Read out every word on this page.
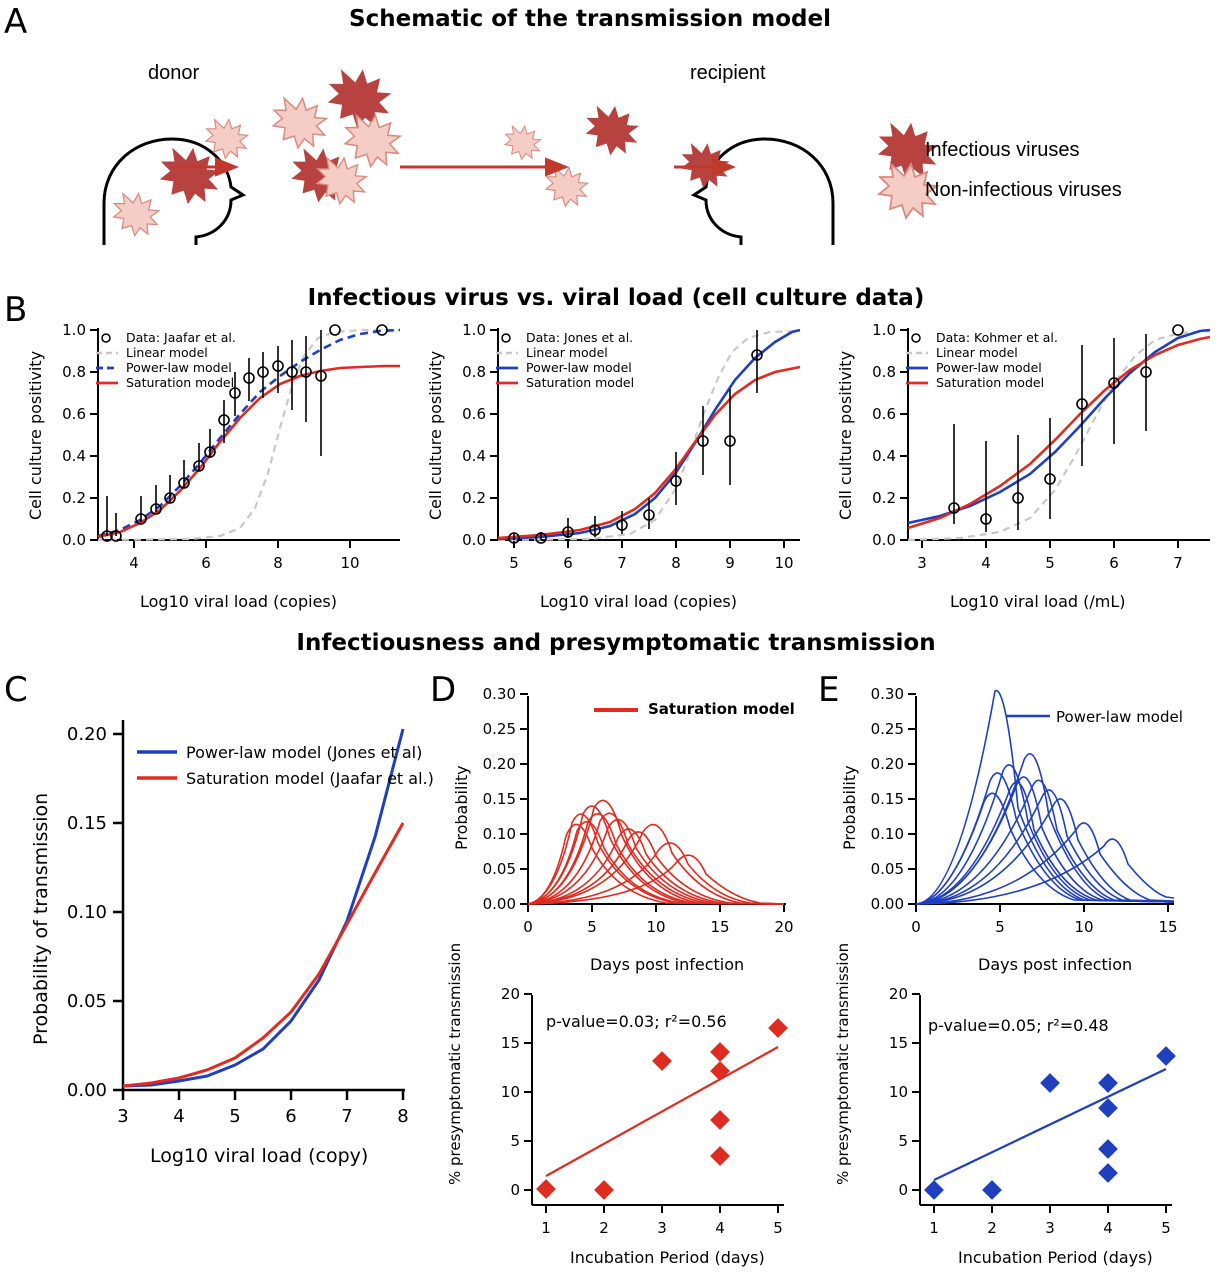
A	Schematic of the transmission model
donor	recipient
Infectious viruses
Non-infectious viruses
B	Infectious virus vs. viral load (cell culture data)
Cell culture positivity
Log10 viral load (copies)
0.0
0.2
0.4
0.6
0.8
1.0
4	6	8	10
Data: Jaafar et al.
Linear model
Power-law model
Saturation model	Cell culture positivity
Log10 viral load (copies)
0.0
0.2
0.4
0.6
0.8
1.0
5	6	7	8	9	10
Data: Jones et al.
Linear model
Power-law model
Saturation model	Cell culture positivity
Log10 viral load (/mL)
0.0
0.2
0.4
0.6
0.8
1.0
3	4	5	6	7
Data: Kohmer et al.
Linear model
Power-law model
Saturation model
Infectiousness and presymptomatic transmission
C
Probability of transmission
Log10 viral load (copy)
0.00
0.05
0.10
0.15
0.20
3 4 5 6 7 8
Power-law model (Jones et al)
Saturation model (Jaafar et al.)
D
Probability
Days post infection
0.00
0.05
0.10
0.15
0.20
0.25
0.30
0	5	10	15	20
Saturation model
% presymptomatic transmission
Incubation Period (days)
0
5
10
15
20
1	2	3	4	5
p-value=0.03; r²=0.56
E
Probability
Days post infection
0.00
0.05
0.10
0.15
0.20
0.25
0.30
0	5	10	15
Power-law model
% presymptomatic transmission
Incubation Period (days)
0
5
10
15
20
1	2	3	4	5
p-value=0.05; r²=0.48
